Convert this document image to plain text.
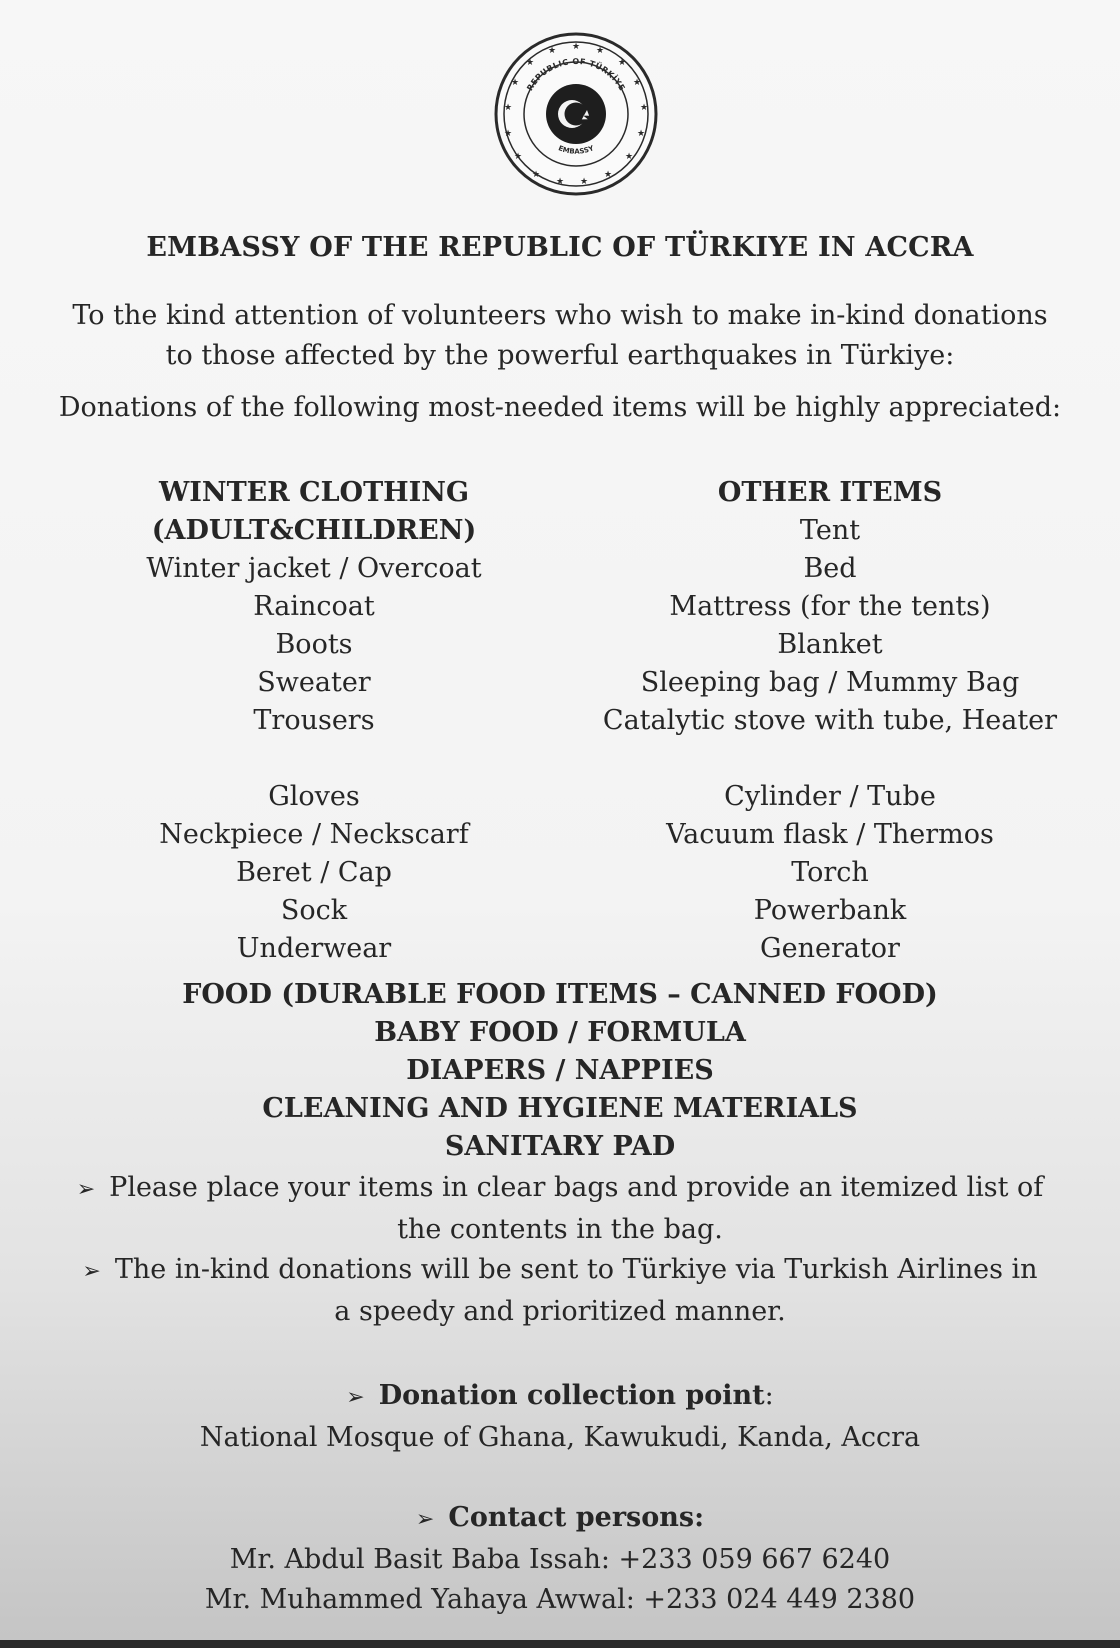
★ ★
★
★
★
★
★
★
★
★
★
★
★
★
★
★
★
REPUBLIC OF TÜRKİYE
EMBASSY
EMBASSY OF THE REPUBLIC OF TÜRKIYE IN ACCRA
To the kind attention of volunteers who wish to make in-kind donations
to those affected by the powerful earthquakes in Türkiye:
Donations of the following most-needed items will be highly appreciated:
WINTER CLOTHING
(ADULT&CHILDREN)
Winter jacket / Overcoat
Raincoat
Boots
Sweater
Trousers
Gloves
Neckpiece / Neckscarf
Beret / Cap
Sock
Underwear
OTHER ITEMS
Tent
Bed
Mattress (for the tents)
Blanket
Sleeping bag / Mummy Bag
Catalytic stove with tube, Heater
Cylinder / Tube
Vacuum flask / Thermos
Torch
Powerbank
Generator
FOOD (DURABLE FOOD ITEMS – CANNED FOOD)
BABY FOOD / FORMULA
DIAPERS / NAPPIES
CLEANING AND HYGIENE MATERIALS
SANITARY PAD
➢ Please place your items in clear bags and provide an itemized list of
the contents in the bag.
➢ The in-kind donations will be sent to Türkiye via Turkish Airlines in
a speedy and prioritized manner.
➢ Donation collection point:
National Mosque of Ghana, Kawukudi, Kanda, Accra
➢ Contact persons:
Mr. Abdul Basit Baba Issah: +233 059 667 6240
Mr. Muhammed Yahaya Awwal: +233 024 449 2380
